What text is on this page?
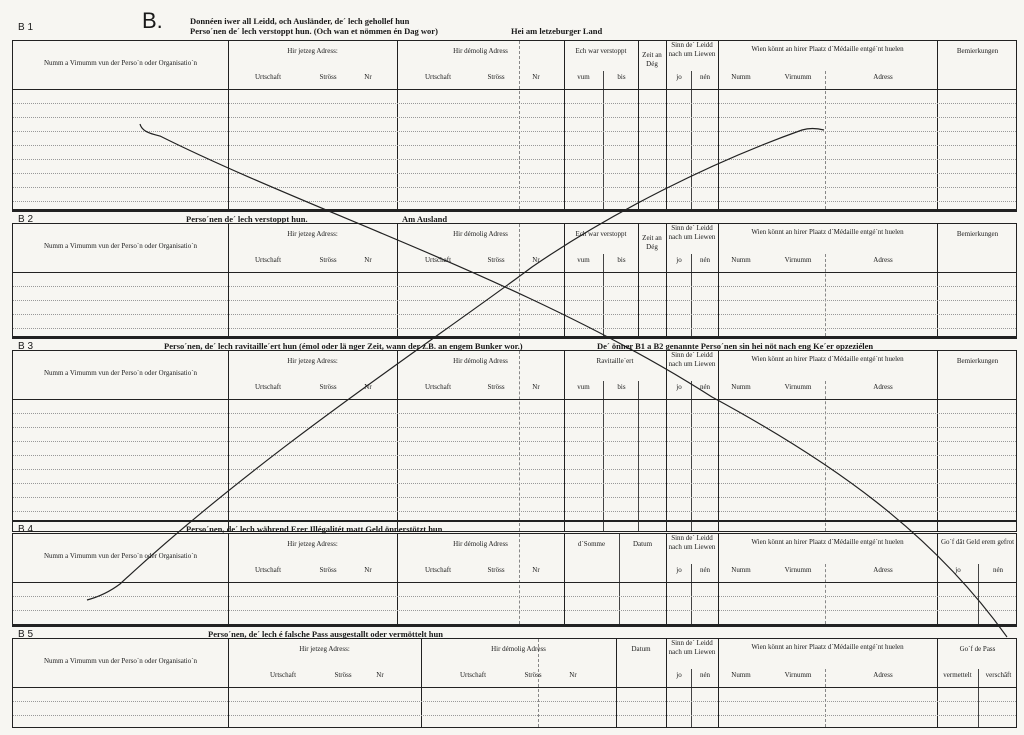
B 1	B.	Donnéen iwer all Leidd, och Ausländer, de´ lech gehollef hun
Perso´nen de´ lech verstoppt hun. (Och wan et nömmen én Dag wor)	Hei am letzeburger Land
Numm a Virnumm vun der Perso´n oder Organisatio´n
Hir jetzeg Adress:
Urtschaft	Ströss	Nr
Hir démolig Adress
Urtschaft	Ströss	Nr
Ech war verstoppt
vum	bis
Zeit an Dég
Sinn de´ Leidd nach um Liewen
jo	nén
Wien könnt an hirer Plaatz d´Médaille entgé´nt huelen
Numm	Virnumm	Adress
Bemierkungen
B 2	Perso´nen de´ lech verstoppt hun.	Am Ausland
Numm a Virnumm vun der Perso´n oder Organisatio´n
Hir jetzeg Adress:
Urtschaft	Ströss	Nr
Hir démolig Adress
Urtschaft	Ströss	Nr
Ech war verstoppt
vum	bis
Zeit an Dég
Sinn de´ Leidd nach um Liewen
jo	nén
Wien könnt an hirer Plaatz d´Médaille entgé´nt huelen
Numm	Virnumm	Adress
Bemierkungen
B 3	Perso´nen, de´ lech ravitaille´ert hun (émol oder lä nger Zeit, wann der z.B. an engem Bunker wor.)	De´ önner B1 a B2 genannte Perso´nen sin hei nöt nach eng Ke´er opzeziélen
Numm a Virnumm vun der Perso´n oder Organisatio´n
Hir jetzeg Adress:
Urtschaft	Ströss	Nr
Hir démolig Adress
Urtschaft	Ströss	Nr
Ravitaille´ert
vum	bis
Sinn de´ Leidd nach um Liewen
jo	nén
Wien könnt an hirer Plaatz d´Médaille entgé´nt huelen
Numm	Virnumm	Adress
Bemierkungen
B 4	Perso´nen, de´ lech während Erer Illégalitét matt Geld önnerstötzt hun
Numm a Virnumm vun der Perso´n oder Organisatio´n
Hir jetzeg Adress:
Urtschaft	Ströss	Nr
Hir démolig Adress
Urtschaft	Ströss	Nr
d´Somme	Datum
Sinn de´ Leidd nach um Liewen
jo	nén
Wien könnt an hirer Plaatz d´Médaille entgé´nt huelen
Numm	Virnumm	Adress
Go´f dât Geld erem gefrot
jo	nén
B 5	Perso´nen, de´ lech é falsche Pass ausgestallt oder vermöttelt hun
Numm a Virnumm vun der Perso´n oder Organisatio´n
Hir jetzeg Adress:
Urtschaft	Ströss	Nr
Hir démolig Adress
Urtschaft	Ströss	Nr
Datum
Sinn de´ Leidd nach um Liewen
jo	nén
Wien könnt an hirer Plaatz d´Médaille entgé´nt huelen
Numm	Virnumm	Adress
Go´f de Pass
vermettelt	verschâft
